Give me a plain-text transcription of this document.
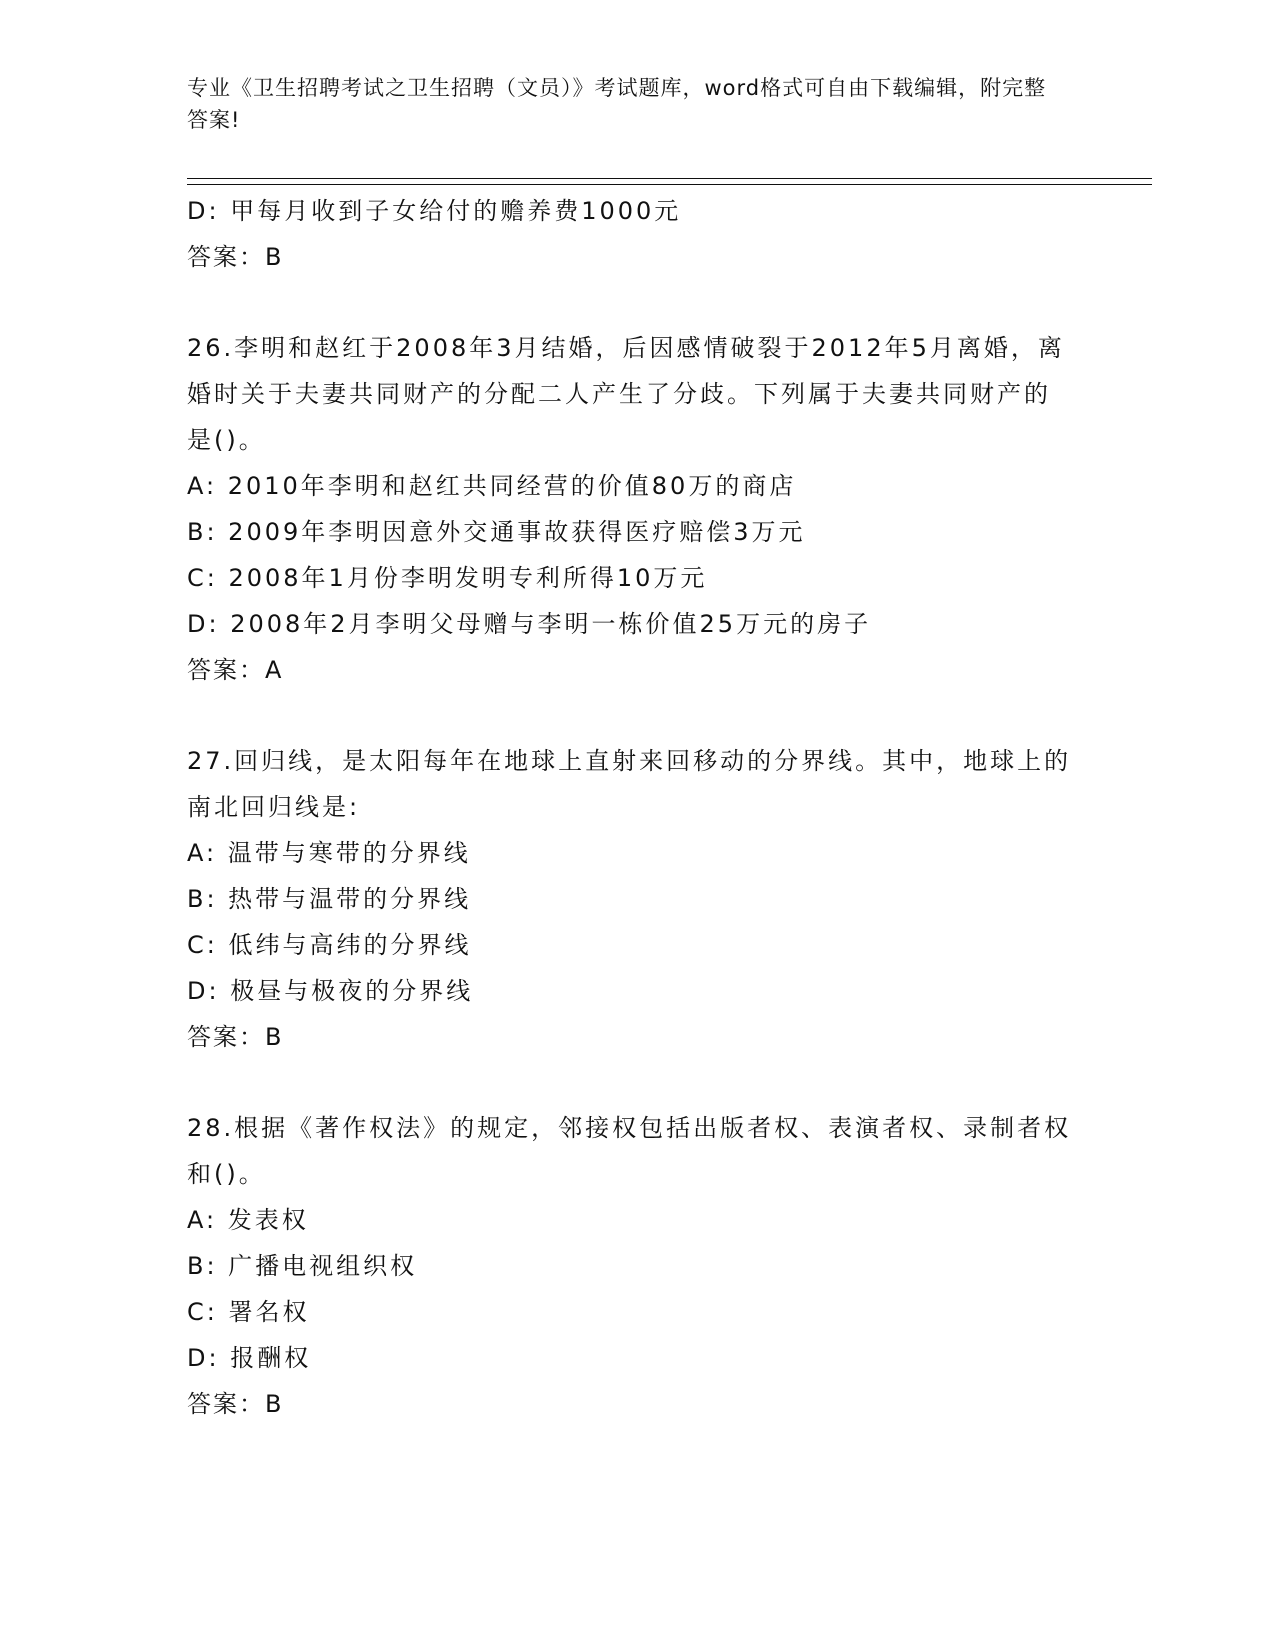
专业《卫生招聘考试之卫生招聘（文员）》考试题库，word格式可自由下载编辑，附完整答案!
D: 甲每月收到子女给付的赡养费1000元
答案：B
26.李明和赵红于2008年3月结婚，后因感情破裂于2012年5月离婚，离婚时关于夫妻共同财产的分配二人产生了分歧。下列属于夫妻共同财产的是()。
A: 2010年李明和赵红共同经营的价值80万的商店
B: 2009年李明因意外交通事故获得医疗赔偿3万元
C: 2008年1月份李明发明专利所得10万元
D: 2008年2月李明父母赠与李明一栋价值25万元的房子
答案：A
27.回归线，是太阳每年在地球上直射来回移动的分界线。其中，地球上的南北回归线是:
A: 温带与寒带的分界线
B: 热带与温带的分界线
C: 低纬与高纬的分界线
D: 极昼与极夜的分界线
答案：B
28.根据《著作权法》的规定，邻接权包括出版者权、表演者权、录制者权和()。
A: 发表权
B: 广播电视组织权
C: 署名权
D: 报酬权
答案：B
